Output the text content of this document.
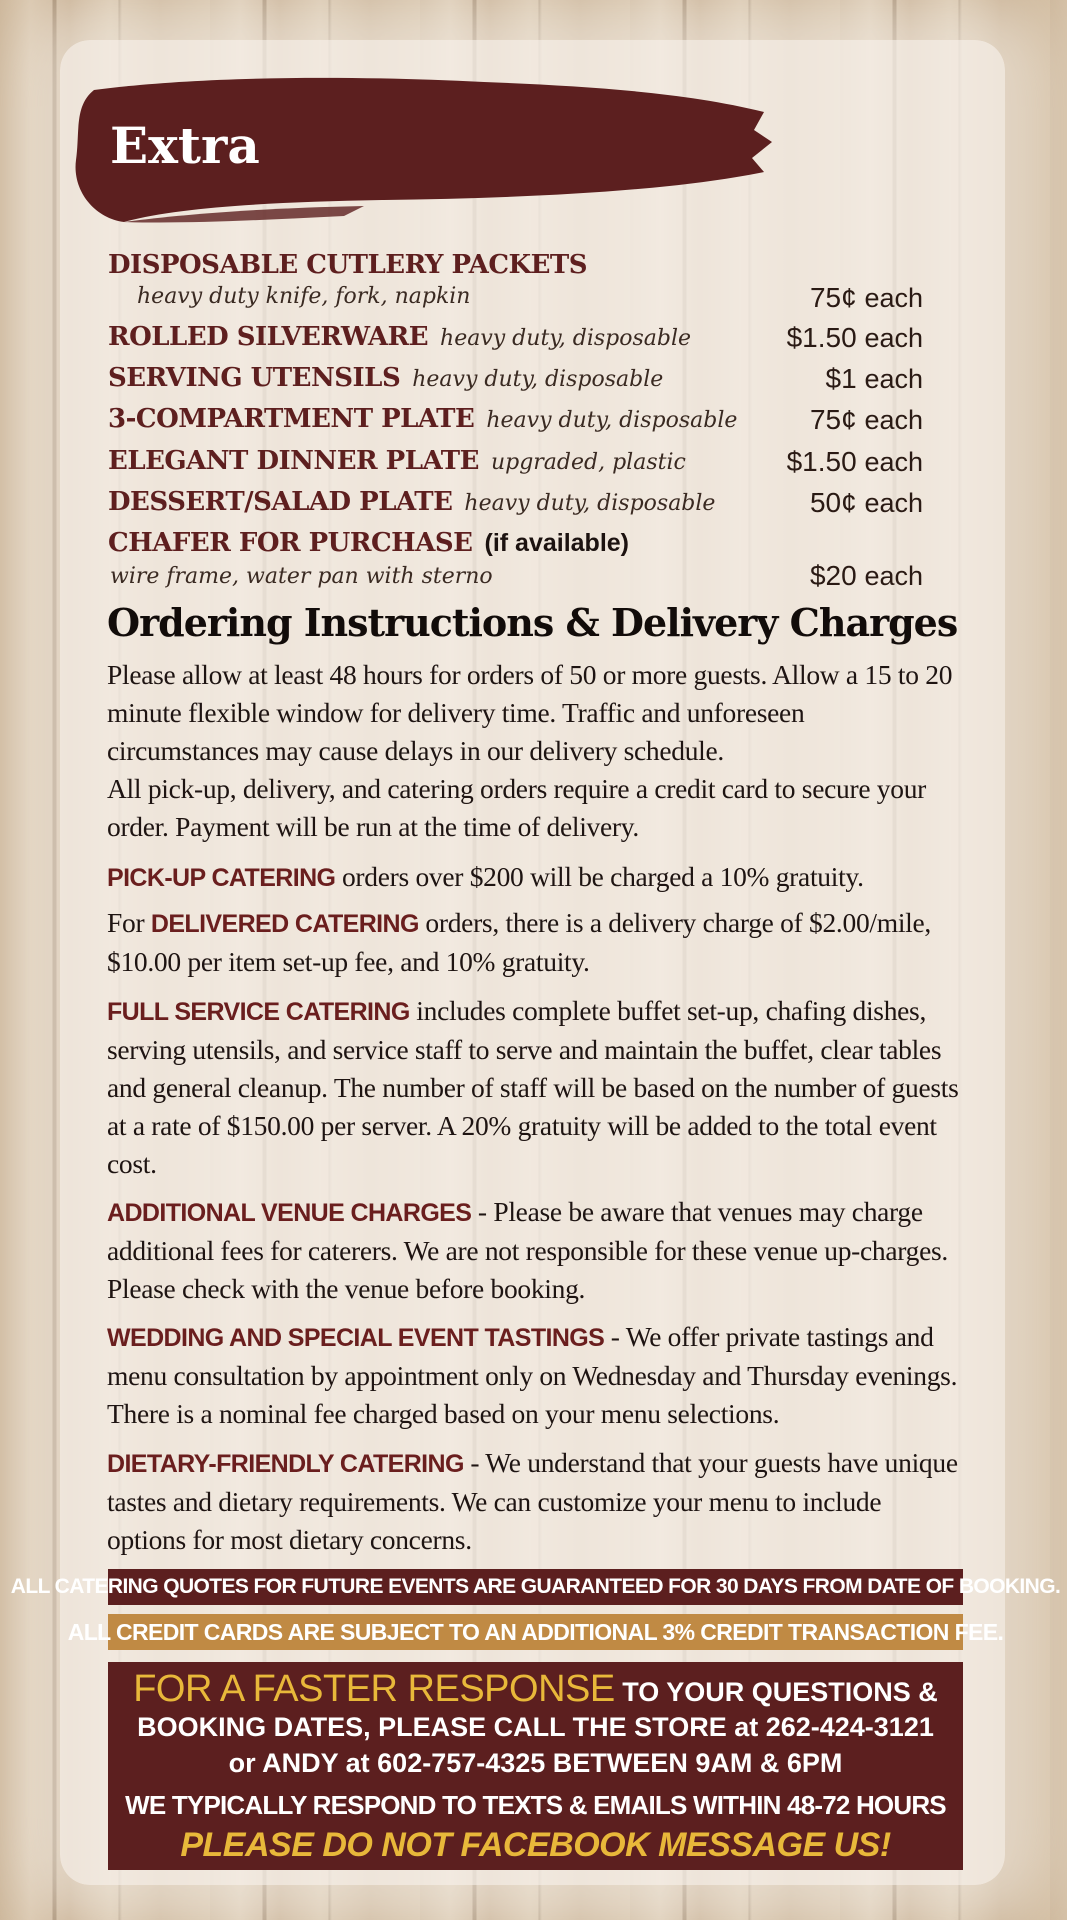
Extra
DISPOSABLE CUTLERY PACKETS
heavy duty knife, fork, napkin	75¢ each
ROLLED SILVERWARE heavy duty, disposable	$1.50 each
SERVING UTENSILS heavy duty, disposable	$1 each
3-COMPARTMENT PLATE heavy duty, disposable	75¢ each
ELEGANT DINNER PLATE upgraded, plastic	$1.50 each
DESSERT/SALAD PLATE heavy duty, disposable	50¢ each
CHAFER FOR PURCHASE (if available)
wire frame, water pan with sterno	$20 each
Ordering Instructions & Delivery Charges
Please allow at least 48 hours for orders of 50 or more guests. Allow a 15 to 20 minute flexible window for delivery time. Traffic and unforeseen circumstances may cause delays in our delivery schedule.
All pick-up, delivery, and catering orders require a credit card to secure your order. Payment will be run at the time of delivery.
PICK-UP CATERING orders over $200 will be charged a 10% gratuity.
For DELIVERED CATERING orders, there is a delivery charge of $2.00/mile, $10.00 per item set-up fee, and 10% gratuity.
FULL SERVICE CATERING includes complete buffet set-up, chafing dishes, serving utensils, and service staff to serve and maintain the buffet, clear tables and general cleanup. The number of staff will be based on the number of guests at a rate of $150.00 per server. A 20% gratuity will be added to the total event cost.
ADDITIONAL VENUE CHARGES - Please be aware that venues may charge additional fees for caterers. We are not responsible for these venue up-charges. Please check with the venue before booking.
WEDDING AND SPECIAL EVENT TASTINGS - We offer private tastings and menu consultation by appointment only on Wednesday and Thursday evenings. There is a nominal fee charged based on your menu selections.
DIETARY-FRIENDLY CATERING - We understand that your guests have unique tastes and dietary requirements. We can customize your menu to include options for most dietary concerns.
ALL CATERING QUOTES FOR FUTURE EVENTS ARE GUARANTEED FOR 30 DAYS FROM DATE OF BOOKING.
ALL CREDIT CARDS ARE SUBJECT TO AN ADDITIONAL 3% CREDIT TRANSACTION FEE.
FOR A FASTER RESPONSE TO YOUR QUESTIONS &
BOOKING DATES, PLEASE CALL THE STORE at 262-424-3121
or ANDY at 602-757-4325 BETWEEN 9AM & 6PM
WE TYPICALLY RESPOND TO TEXTS & EMAILS WITHIN 48-72 HOURS
PLEASE DO NOT FACEBOOK MESSAGE US!
